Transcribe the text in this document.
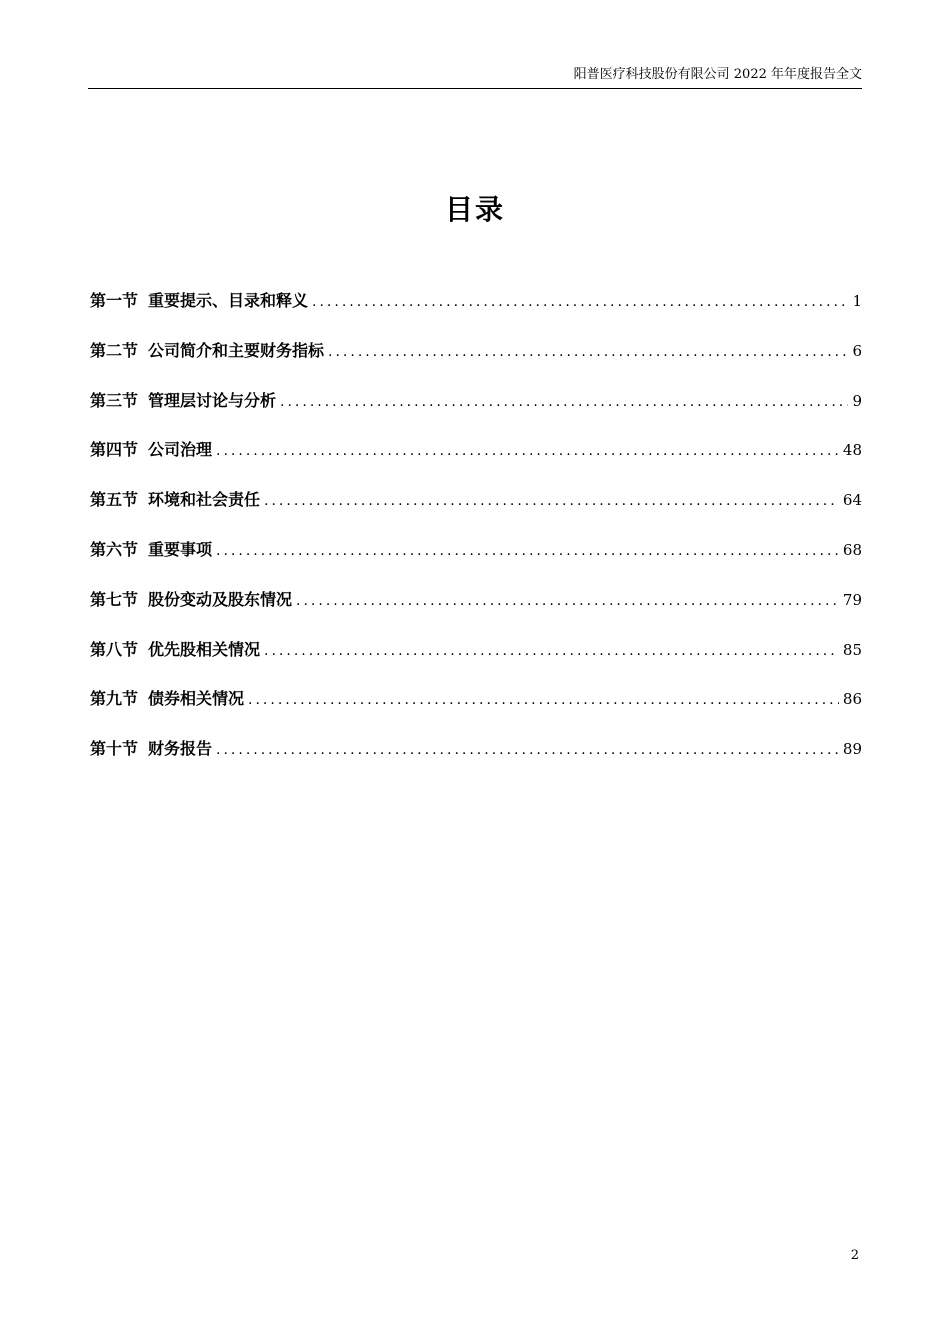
阳普医疗科技股份有限公司 2022 年年度报告全文
目录
第一节 重要提示、目录和释义 .....	1
第二节 公司简介和主要财务指标 .....	6
第三节 管理层讨论与分析 .....	9
第四节 公司治理 .....	48
第五节 环境和社会责任 .....	64
第六节 重要事项 .....	68
第七节 股份变动及股东情况 .....	79
第八节 优先股相关情况 .....	85
第九节 债券相关情况 .....	86
第十节 财务报告 .....	89
2
